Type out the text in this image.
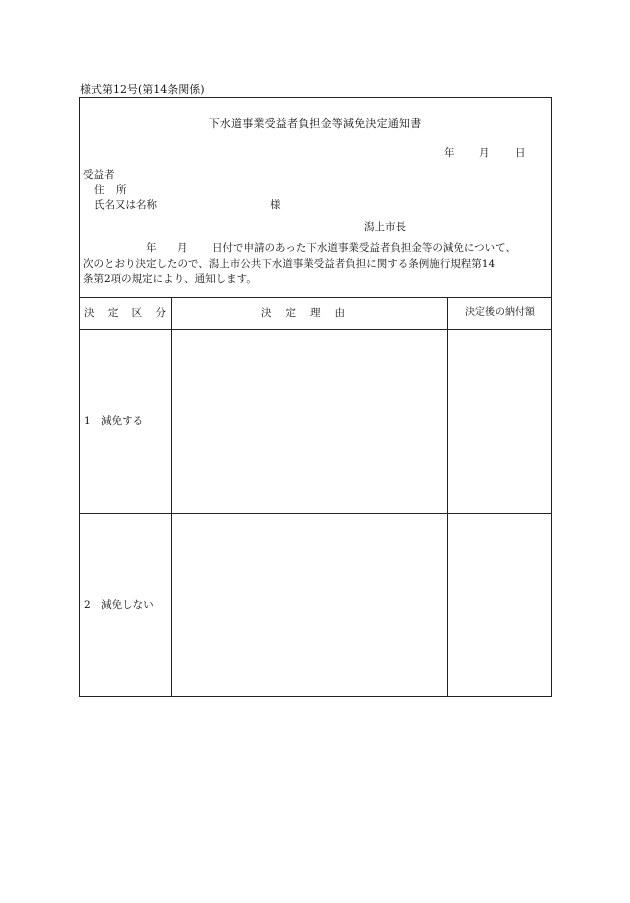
様式第12号(第14条関係)
下水道事業受益者負担金等減免決定通知書
年 月 日
受益者
住 所
氏名又は名称	様
潟上市長
年 月 日付で申請のあった下水道事業受益者負担金等の減免について、
次のとおり決定したので、潟上市公共下水道事業受益者負担に関する条例施行規程第14
条第2項の規定により、通知します。
決 定 区 分	決定理由	決定後の納付額
1　減免する
2　減免しない
